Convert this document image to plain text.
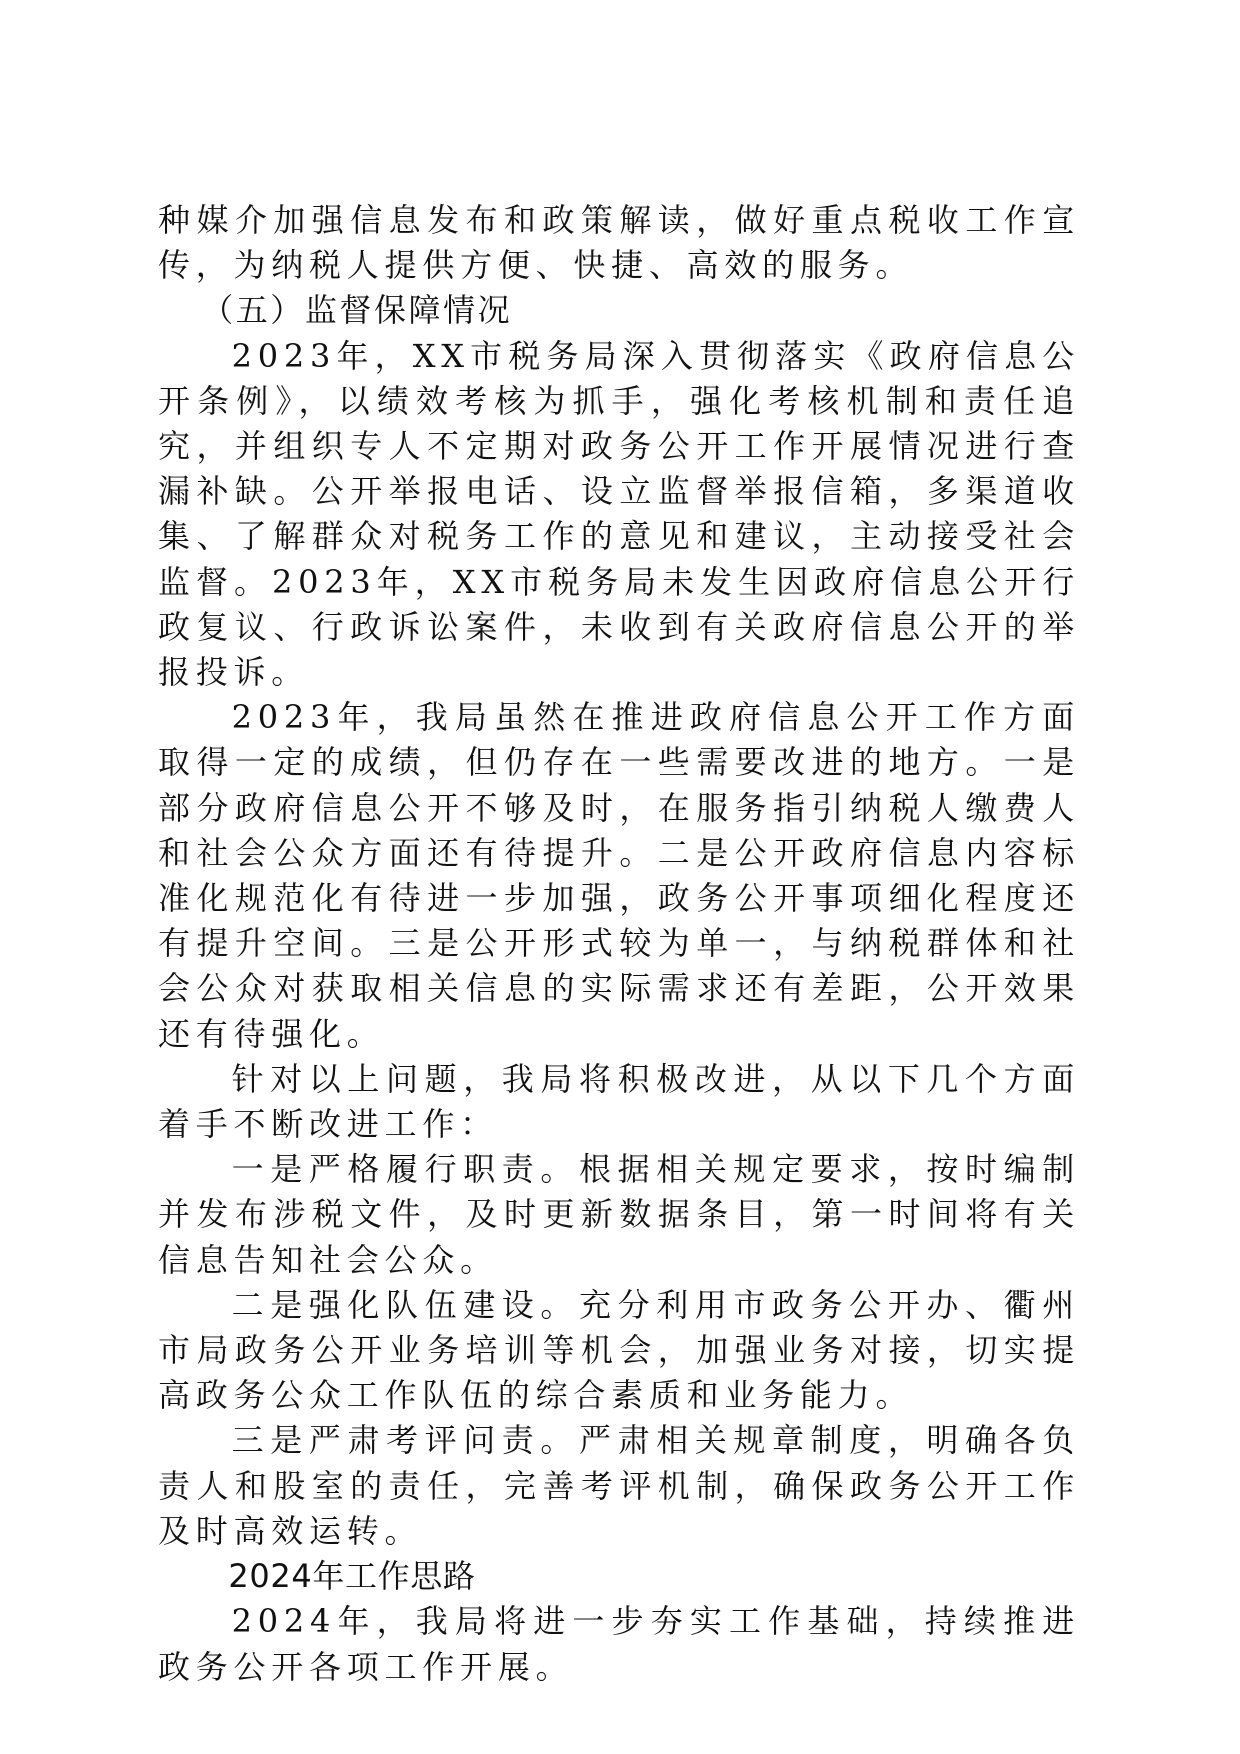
种媒介加强信息发布和政策解读，做好重点税收工作宣传，为纳税人提供方便、快捷、高效的服务。

（五）监督保障情况

2023年，XX市税务局深入贯彻落实《政府信息公开条例》，以绩效考核为抓手，强化考核机制和责任追究，并组织专人不定期对政务公开工作开展情况进行查漏补缺。公开举报电话、设立监督举报信箱，多渠道收集、了解群众对税务工作的意见和建议，主动接受社会监督。2023年，XX市税务局未发生因政府信息公开行政复议、行政诉讼案件，未收到有关政府信息公开的举报投诉。

2023年，我局虽然在推进政府信息公开工作方面取得一定的成绩，但仍存在一些需要改进的地方。一是部分政府信息公开不够及时，在服务指引纳税人缴费人和社会公众方面还有待提升。二是公开政府信息内容标准化规范化有待进一步加强，政务公开事项细化程度还有提升空间。三是公开形式较为单一，与纳税群体和社会公众对获取相关信息的实际需求还有差距，公开效果还有待强化。

针对以上问题，我局将积极改进，从以下几个方面着手不断改进工作：

一是严格履行职责。根据相关规定要求，按时编制并发布涉税文件，及时更新数据条目，第一时间将有关信息告知社会公众。

二是强化队伍建设。充分利用市政务公开办、衢州市局政务公开业务培训等机会，加强业务对接，切实提高政务公众工作队伍的综合素质和业务能力。

三是严肃考评问责。严肃相关规章制度，明确各负责人和股室的责任，完善考评机制，确保政务公开工作及时高效运转。

2024年工作思路

2024年，我局将进一步夯实工作基础，持续推进政务公开各项工作开展。
